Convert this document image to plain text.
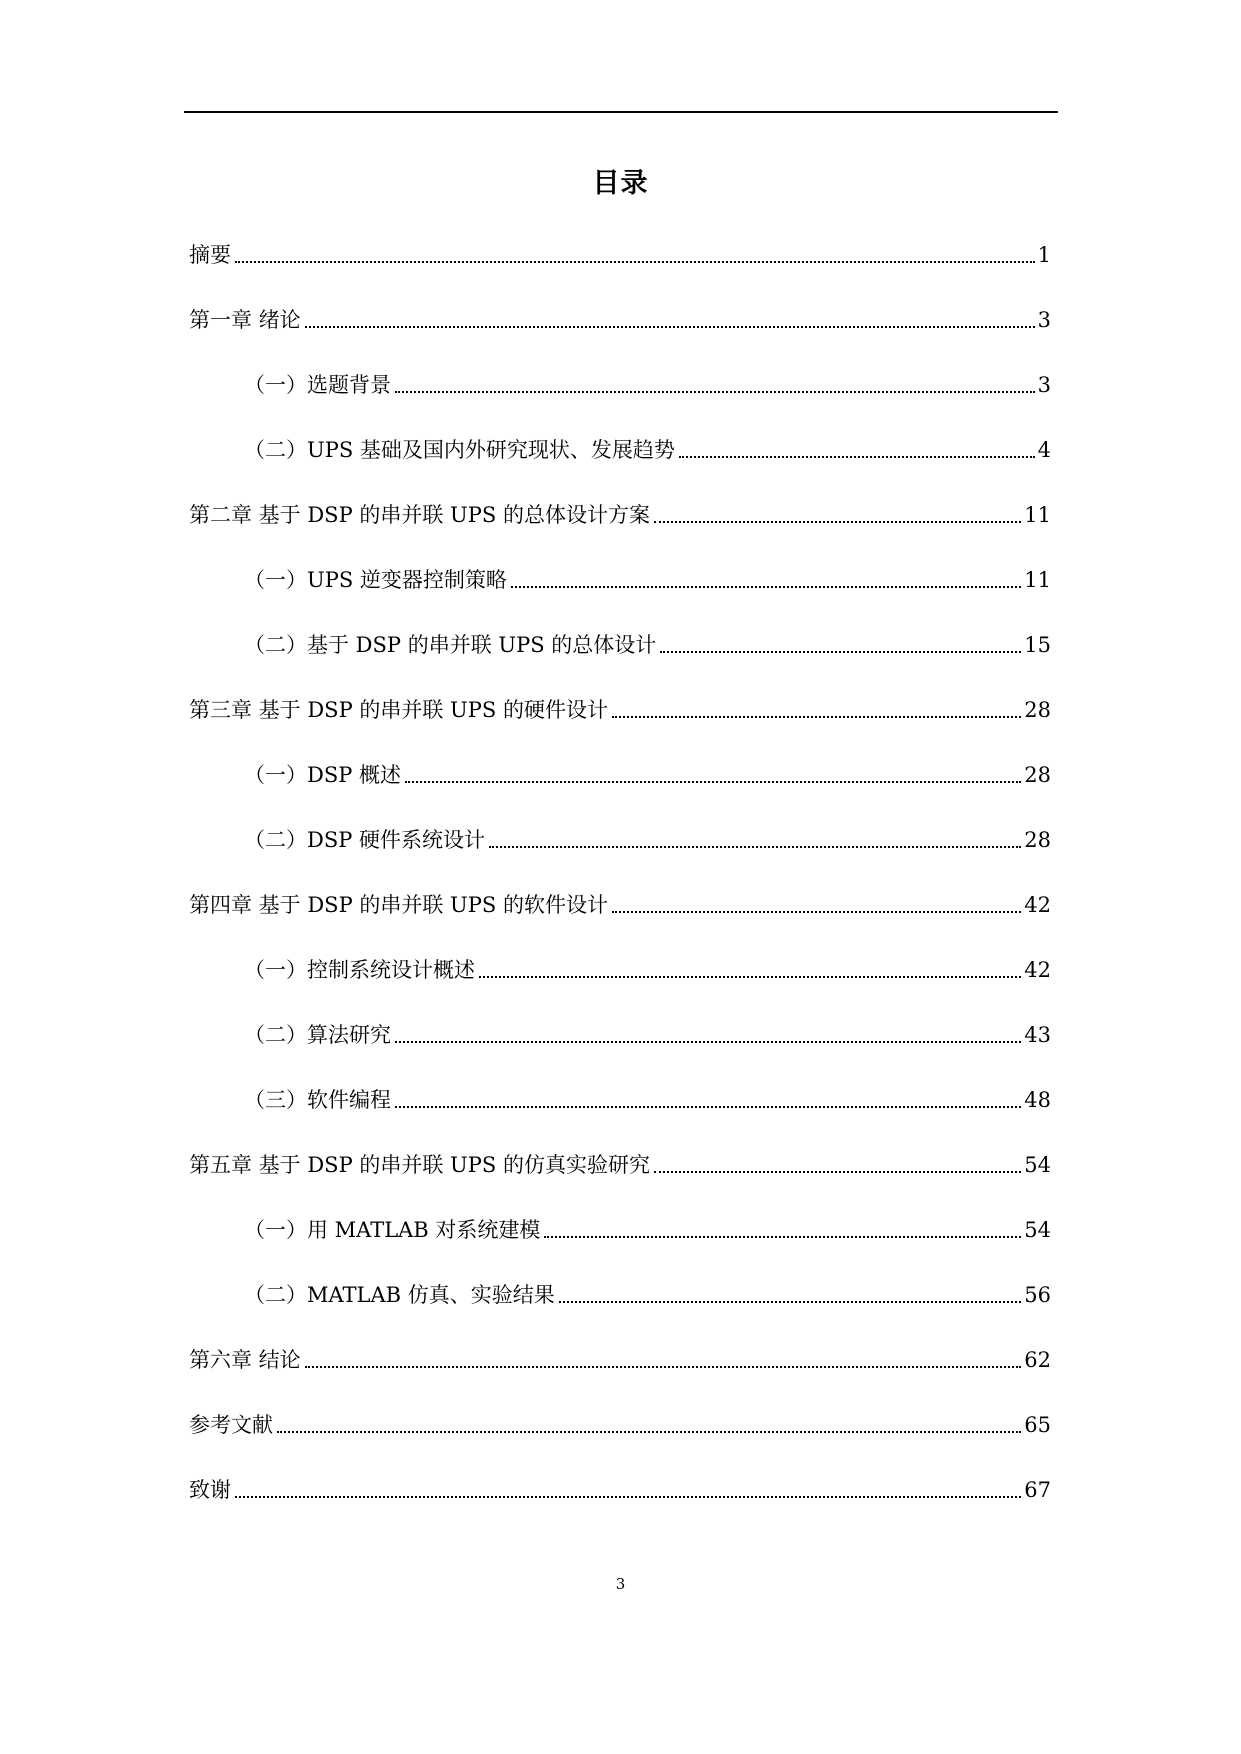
目录
摘要	1
第一章 绪论	3
（一）选题背景	3
（二）UPS 基础及国内外研究现状、发展趋势	4
第二章 基于 DSP 的串并联 UPS 的总体设计方案	11
（一）UPS 逆变器控制策略	11
（二）基于 DSP 的串并联 UPS 的总体设计	15
第三章 基于 DSP 的串并联 UPS 的硬件设计	28
（一）DSP 概述	28
（二）DSP 硬件系统设计	28
第四章 基于 DSP 的串并联 UPS 的软件设计	42
（一）控制系统设计概述	42
（二）算法研究	43
（三）软件编程	48
第五章 基于 DSP 的串并联 UPS 的仿真实验研究	54
（一）用 MATLAB 对系统建模	54
（二）MATLAB 仿真、实验结果	56
第六章 结论	62
参考文献	65
致谢	67
3
